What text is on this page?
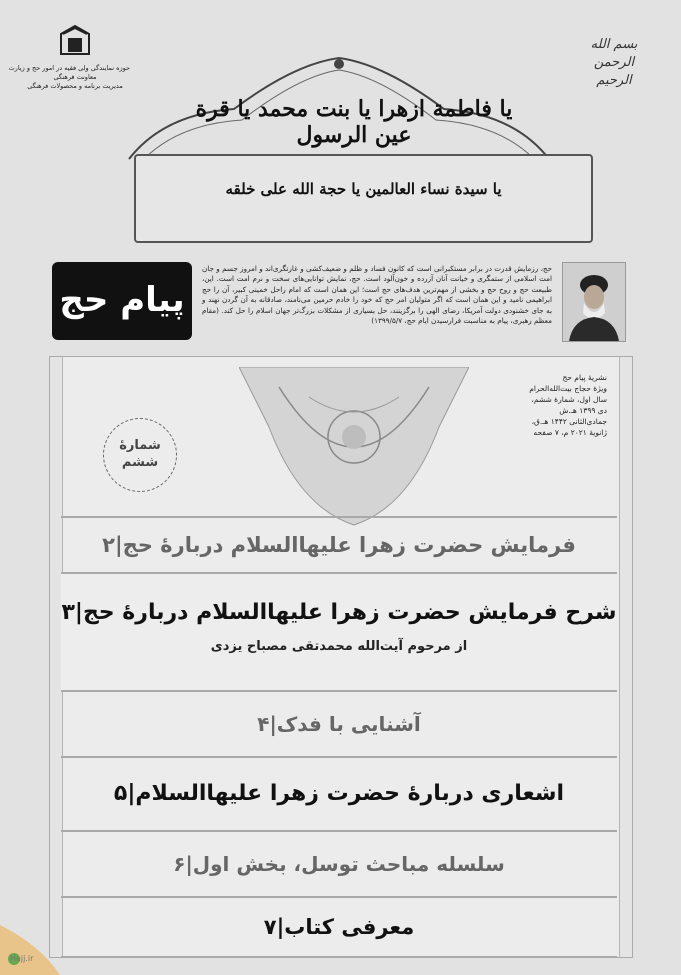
حوزه نمایندگی ولی فقیه در امور حج و زیارت
معاونت فرهنگی
مدیریت برنامه و محصولات فرهنگی
بسم الله الرحمن الرحیم
یا فاطمة ازهرا یا بنت محمد یا قرة عین الرسول
یا سیدة نساء العالمین یا حجة الله علی خلقه
پیام حج
حج، رزمایش قدرت در برابر مستکبرانی است که کانون فساد و ظلم و ضعیف‌کشی و غارتگری‌اند و امروز جسم و جان امت اسلامی از ستمگری و خیانت آنان آزرده و خون‌آلود است. حج، نمایش توانایی‌های سخت و نرم امت است. این، طبیعت حج و روح حج و بخشی از مهم‌ترین هدف‌های حج است؛ این همان است که امام راحل خمینی کبیر، آن را حج ابراهیمی نامید و این همان است که اگر متولیان امر حج که خود را خادم حرمین می‌نامند، صادقانه به آن گردن نهند و به جای خشنودی دولت آمریکا، رضای الهی را برگزینند، حل بسیاری از مشکلات بزرگ‌تر جهان اسلام را حل کند. (مقام معظم رهبری، پیام به مناسبت فرارسیدن ایام حج، ۱۳۹۹/۵/۷)
نشریهٔ پیام حج
ویژهٔ حجاج بیت‌الله‌الحرام
سال اول، شمارهٔ ششم،
دی ۱۳۹۹ هـ.ش
جمادی‌الثانی ۱۴۴۲ هـ.ق،
ژانویهٔ ۲۰۲۱ م، ۷ صفحه
شمارهٔ
ششم
فرمایش حضرت زهرا علیهاالسلام دربارهٔ حج|۲
شرح فرمایش حضرت زهرا علیهاالسلام دربارهٔ حج|۳
از مرحوم آیت‌الله محمدتقی مصباح یزدی
آشنایی با فدک|۴
اشعاری دربارهٔ حضرت زهرا علیهاالسلام|۵
سلسله مباحث توسل، بخش اول|۶
معرفی کتاب|۷
Hajj.ir
